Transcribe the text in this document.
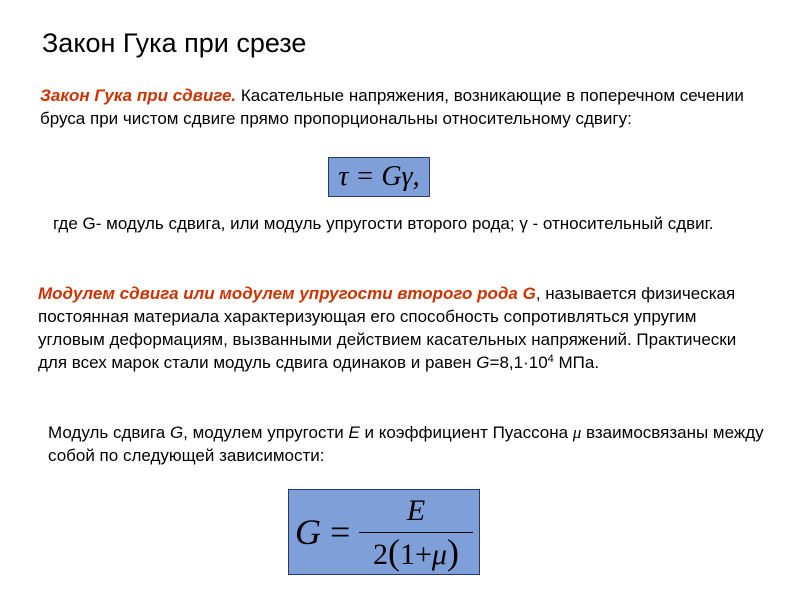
Закон Гука при срезе
Закон Гука при сдвиге. Касательные напряжения, возникающие в поперечном сечении бруса при чистом сдвиге прямо пропорциональны относительному сдвигу:
τ = Gγ,
где G- модуль сдвига, или модуль упругости второго рода; γ - относительный сдвиг.
Модулем сдвига или модулем упругости второго рода G, называется физическая постоянная материала характеризующая его способность сопротивляться упругим угловым деформациям, вызванными действием касательных напряжений. Практически для всех марок стали модуль сдвига одинаков и равен $G=8,1\cdot 10^4$ МПа.
Модуль сдвига G, модулем упругости E и коэффициент Пуассона μ взаимосвязаны между собой по следующей зависимости:
G =
E
2(1+μ)
